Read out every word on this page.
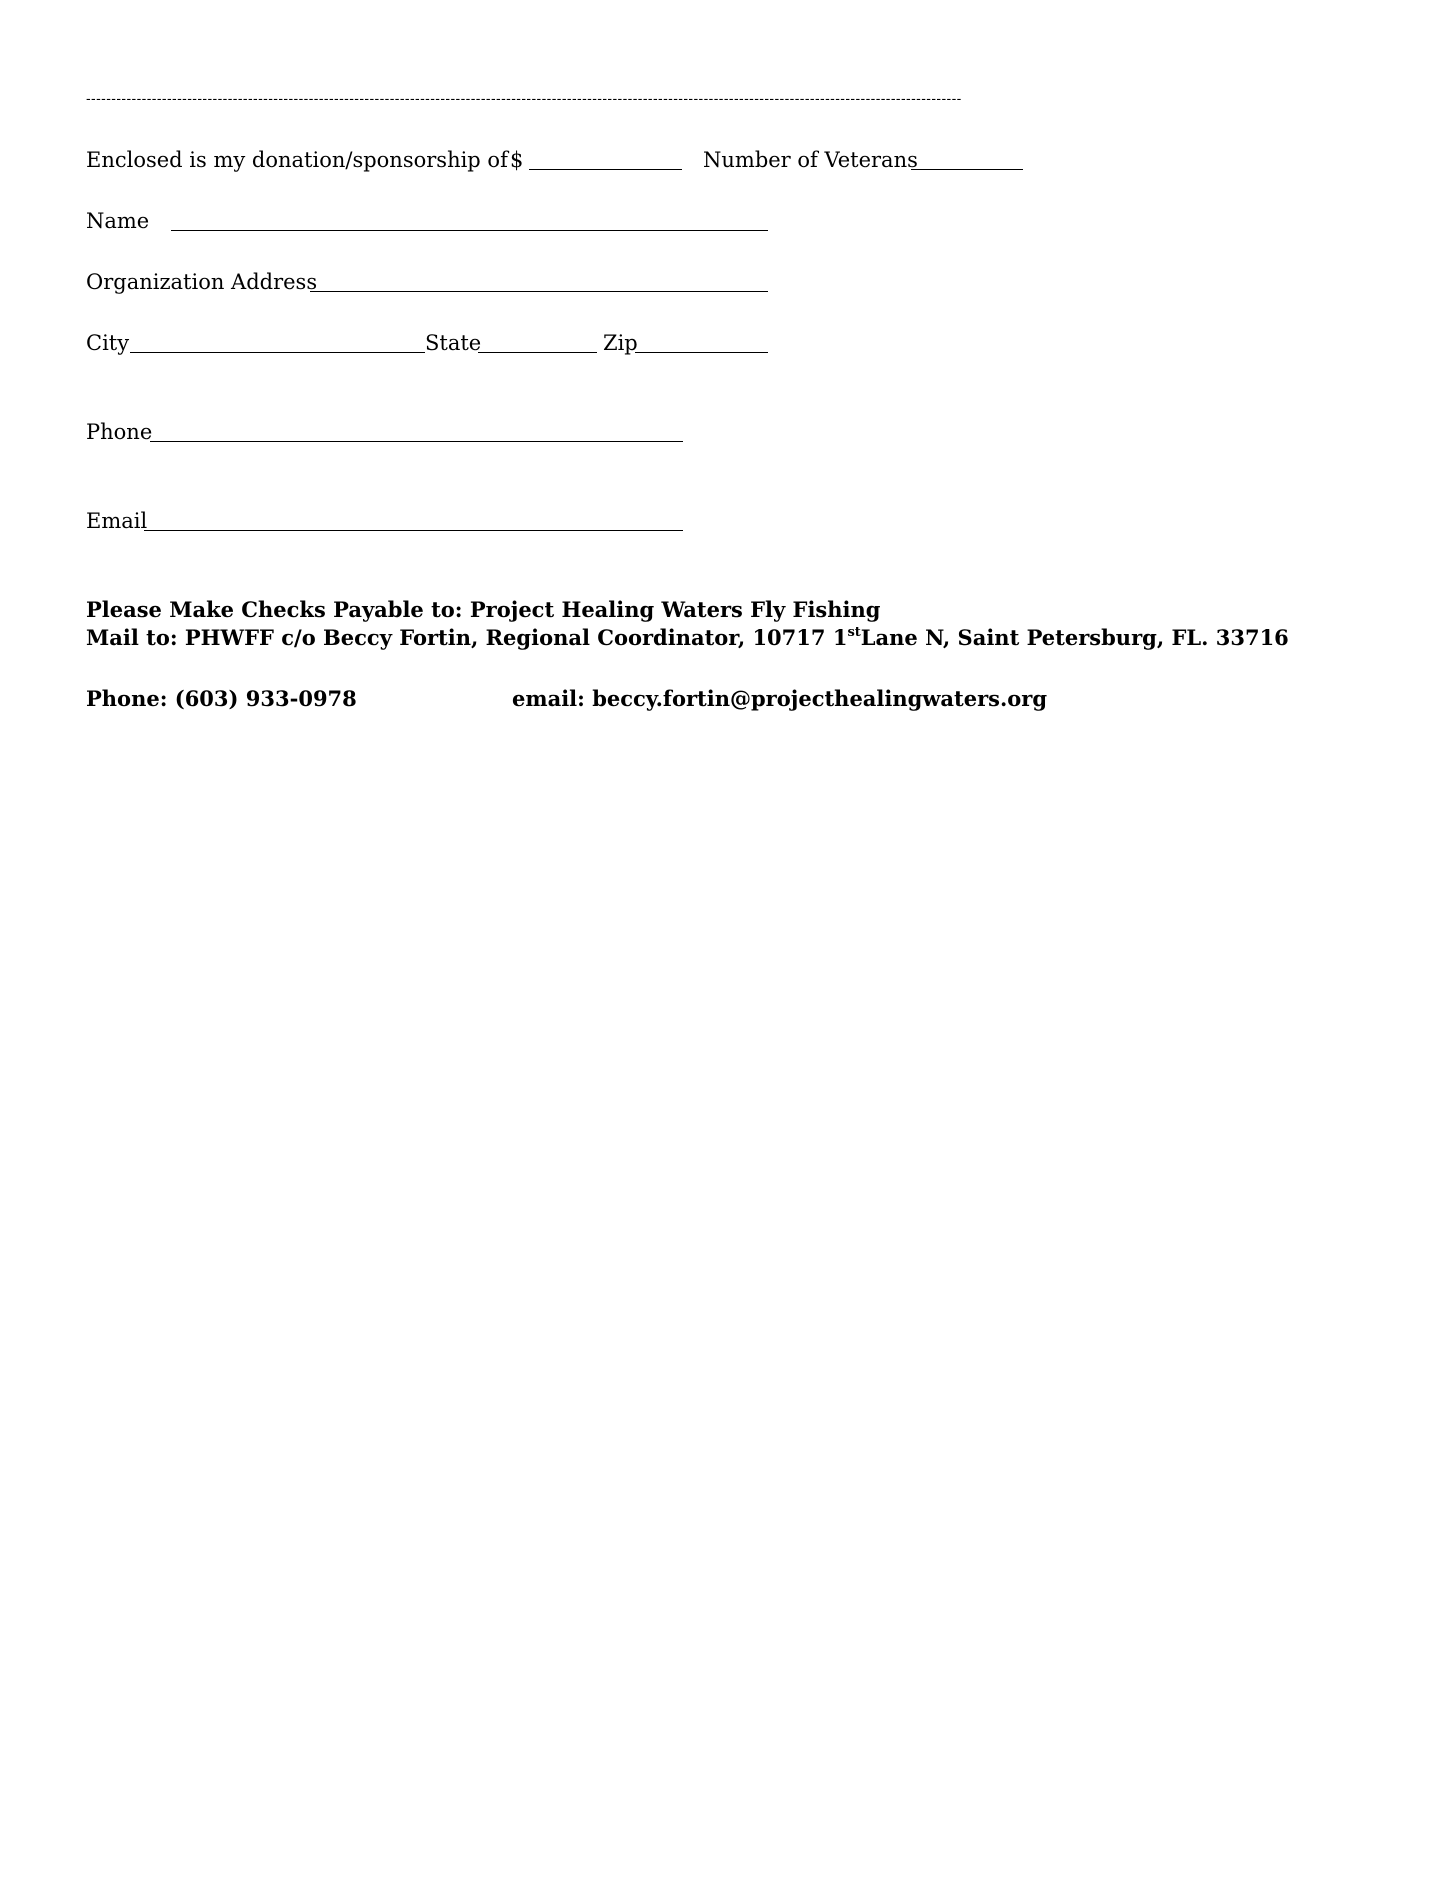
-----------------------------------------------------------------------------------------------------------------------------------------------------------------------------
Enclosed is my donation/sponsorship of $	Number of Veterans
Name
Organization Address
City	State	Zip
Phone
Email
Please Make Checks Payable to: Project Healing Waters Fly Fishing
Mail to: PHWFF c/o Beccy Fortin, Regional Coordinator, 10717 1stLane N, Saint Petersburg, FL. 33716
Phone: (603) 933-0978	email: beccy.fortin@projecthealingwaters.org
